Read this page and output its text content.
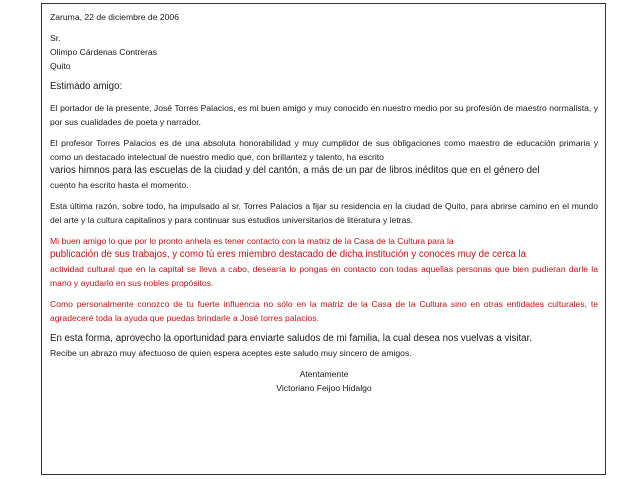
Zaruma, 22 de diciembre de 2006

Sr.

Olimpo Cárdenas Contreras

Quito

Estimado amigo:

El portador de la presente, José Torres Palacios, es mi buen amigo y muy conocido en nuestro medio por su profesión de maestro normalista, y por sus cualidades de poeta y narrador.

El profesor Torres Palacios es de una absoluta honorabilidad y muy cumplidor de sus obligaciones como maestro de educación primaria y como un destacado intelectual de nuestro medio que, con brillantez y talento, ha escrito

varios himnos para las escuelas de la ciudad y del cantón, a más de un par de libros inéditos que en el género del

cuento ha escrito hasta el momento.

Esta última razón, sobre todo, ha impulsado al sr. Torres Palacios a fijar su residencia en la ciudad de Quito, para abrirse camino en el mundo del arte y la cultura capitalinos y para continuar sus estudios universitarios de literatura y letras.

Mi buen amigo lo que por lo pronto anhela es tener contacto con la matriz de la Casa de la Cultura para la

publicación de sus trabajos, y como tú eres miembro destacado de dicha institución y conoces muy de cerca la

actividad cultural que en la capital se lleva a cabo, desearía lo pongas en contacto con todas aquellas personas que bien pudieran darle la mano y ayudarlo en sus nobles propósitos.

Como personalmente conozco de tu fuerte influencia no sólo en la matriz de la Casa de la Cultura sino en otras entidades culturales, te agradeceré toda la ayuda que puedas brindarle a José torres palacios.

En esta forma, aprovecho la oportunidad para enviarte saludos de mi familia, la cual desea nos vuelvas a visitar.

Recibe un abrazo muy afectuoso de quien espera aceptes este saludo muy sincero de amigos.

Atentamente

Victoriano Feijoo Hidalgo
